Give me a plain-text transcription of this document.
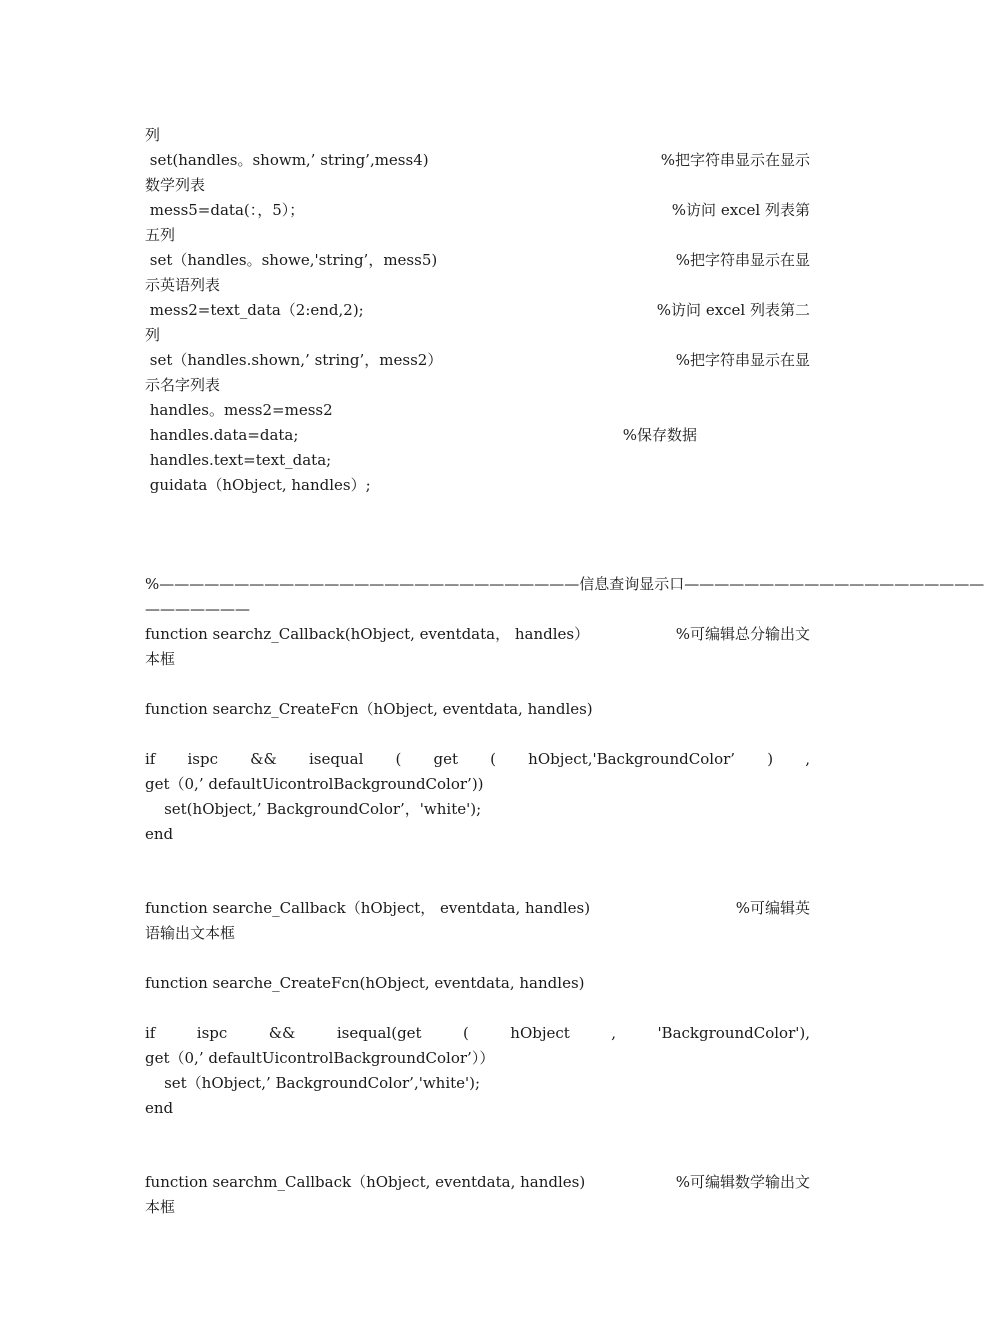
列
set(handles。showm,’ string’,mess4)	%把字符串显示在显示
数学列表
mess5=data(：，5）；	%访问 excel 列表第
五列
set（handles。showe,'string’，mess5)	%把字符串显示在显
示英语列表
mess2=text_data（2:end,2);	%访问 excel 列表第二
列
set（handles.shown,’ string’，mess2）	%把字符串显示在显
示名字列表
handles。mess2=mess2
handles.data=data;	%保存数据
handles.text=text_data;
guidata（hObject, handles）;
%————————————————————————————信息查询显示口————————————————————
———————
function searchz_Callback(hObject, eventdata， handles）	%可编辑总分输出文
本框
function searchz_CreateFcn（hObject, eventdata, handles)
if ispc && isequal ( get ( hObject,'BackgroundColor’ ) ,
get（0,’ defaultUicontrolBackgroundColor’))
set(hObject,’ BackgroundColor’，'white');
end
function searche_Callback（hObject， eventdata, handles)	%可编辑英
语输出文本框
function searche_CreateFcn(hObject, eventdata, handles)
if	ispc	&&	isequal(get	(	hObject	,	'BackgroundColor'),
get（0,’ defaultUicontrolBackgroundColor’））
set（hObject,’ BackgroundColor’,'white');
end
function searchm_Callback（hObject, eventdata, handles)	%可编辑数学输出文
本框
